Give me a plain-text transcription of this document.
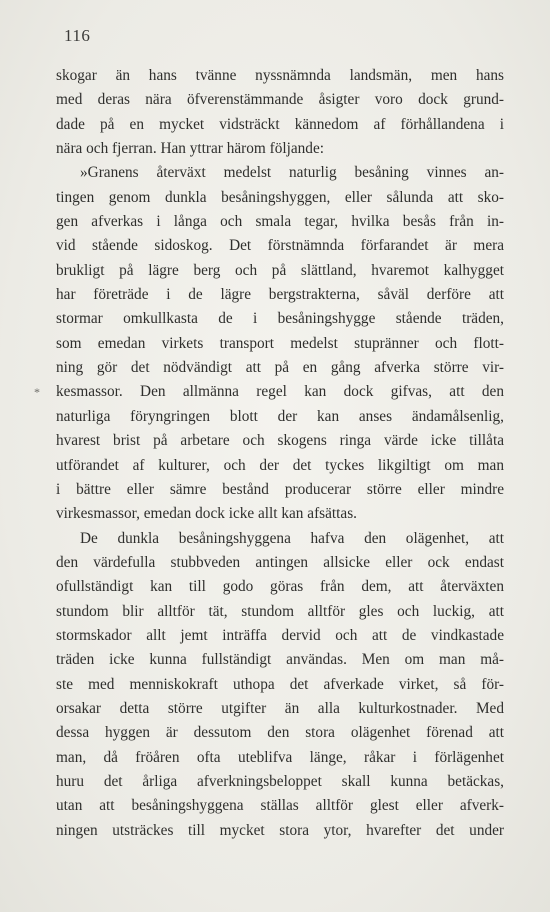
116
*
skogar än hans tvänne nyssnämnda landsmän, men hans
med deras nära öfverenstämmande åsigter voro dock grund-
dade på en mycket vidsträckt kännedom af förhållandena i
nära och fjerran. Han yttrar härom följande:
»Granens återväxt medelst naturlig besåning vinnes an-
tingen genom dunkla besåningshyggen, eller sålunda att sko-
gen afverkas i långa och smala tegar, hvilka besås från in-
vid stående sidoskog. Det förstnämnda förfarandet är mera
brukligt på lägre berg och på slättland, hvaremot kalhygget
har företräde i de lägre bergstrakterna, såväl derföre att
stormar omkullkasta de i besåningshygge stående träden,
som emedan virkets transport medelst stupränner och flott-
ning gör det nödvändigt att på en gång afverka större vir-
kesmassor. Den allmänna regel kan dock gifvas, att den
naturliga föryngringen blott der kan anses ändamålsenlig,
hvarest brist på arbetare och skogens ringa värde icke tillåta
utförandet af kulturer, och der det tyckes likgiltigt om man
i bättre eller sämre bestånd producerar större eller mindre
virkesmassor, emedan dock icke allt kan afsättas.
De dunkla besåningshyggena hafva den olägenhet, att
den värdefulla stubbveden antingen allsicke eller ock endast
ofullständigt kan till godo göras från dem, att återväxten
stundom blir alltför tät, stundom alltför gles och luckig, att
stormskador allt jemt inträffa dervid och att de vindkastade
träden icke kunna fullständigt användas. Men om man må-
ste med menniskokraft uthopa det afverkade virket, så för-
orsakar detta större utgifter än alla kulturkostnader. Med
dessa hyggen är dessutom den stora olägenhet förenad att
man, då fröåren ofta uteblifva länge, råkar i förlägenhet
huru det årliga afverkningsbeloppet skall kunna betäckas,
utan att besåningshyggena ställas alltför glest eller afverk-
ningen utsträckes till mycket stora ytor, hvarefter det under
